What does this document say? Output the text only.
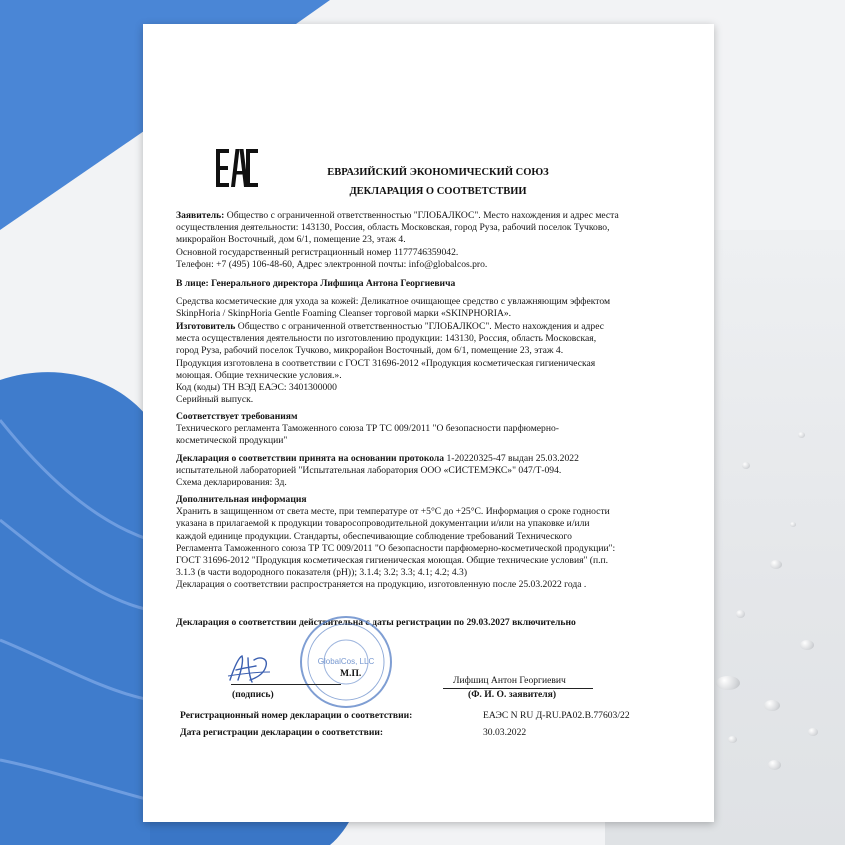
ЕВРАЗИЙСКИЙ ЭКОНОМИЧЕСКИЙ СОЮЗ
ДЕКЛАРАЦИЯ О СООТВЕТСТВИИ
Заявитель: Общество с ограниченной ответственностью "ГЛОБАЛКОС". Место нахождения и адрес места
осуществления деятельности: 143130, Россия, область Московская, город Руза, рабочий поселок Тучково,
микрорайон Восточный, дом 6/1, помещение 23, этаж 4.
Основной государственный регистрационный номер 1177746359042.
Телефон: +7 (495) 106-48-60, Адрес электронной почты: info@globalcos.pro.
В лице: Генерального директора Лифшица Антона Георгиевича
Средства косметические для ухода за кожей: Деликатное очищающее средство с увлажняющим эффектом
SkinpHoria / SkinpHoria Gentle Foaming Cleanser торговой марки «SKINPHORIA».
Изготовитель Общество с ограниченной ответственностью "ГЛОБАЛКОС". Место нахождения и адрес
места осуществления деятельности по изготовлению продукции: 143130, Россия, область Московская,
город Руза, рабочий поселок Тучково, микрорайон Восточный, дом 6/1, помещение 23, этаж 4.
Продукция изготовлена в соответствии с ГОСТ 31696-2012 «Продукция косметическая гигиеническая
моющая. Общие технические условия.».
Код (коды) ТН ВЭД ЕАЭС: 3401300000
Серийный выпуск.
Соответствует требованиям
Технического регламента Таможенного союза ТР ТС 009/2011 "О безопасности парфюмерно-
косметической продукции"
Декларация о соответствии принята на основании протокола 1-20220325-47 выдан 25.03.2022
испытательной лабораторией "Испытательная лаборатория ООО «СИСТЕМЭКС»" 047/Т-094.
Схема декларирования: 3д.
Дополнительная информация
Хранить в защищенном от света месте, при температуре от +5°С до +25°С. Информация о сроке годности
указана в прилагаемой к продукции товаросопроводительной документации и/или на упаковке и/или
каждой единице продукции. Стандарты, обеспечивающие соблюдение требований Технического
Регламента Таможенного союза ТР ТС 009/2011 "О безопасности парфюмерно-косметической продукции":
ГОСТ 31696-2012 "Продукция косметическая гигиеническая моющая. Общие технические условия" (п.п.
3.1.3 (в части водородного показателя (pH)); 3.1.4; 3.2; 3.3; 4.1; 4.2; 4.3)
Декларация о соответствии распространяется на продукцию, изготовленную после 25.03.2022 года .
Декларация о соответствии действительна с даты регистрации по 29.03.2027 включительно
GlobalCos, LLC
М.П.
Лифшиц Антон Георгиевич
(подпись)	(Ф. И. О. заявителя)
Регистрационный номер декларации о соответствии:	ЕАЭС N RU Д-RU.PA02.B.77603/22
Дата регистрации декларации о соответствии:	30.03.2022
